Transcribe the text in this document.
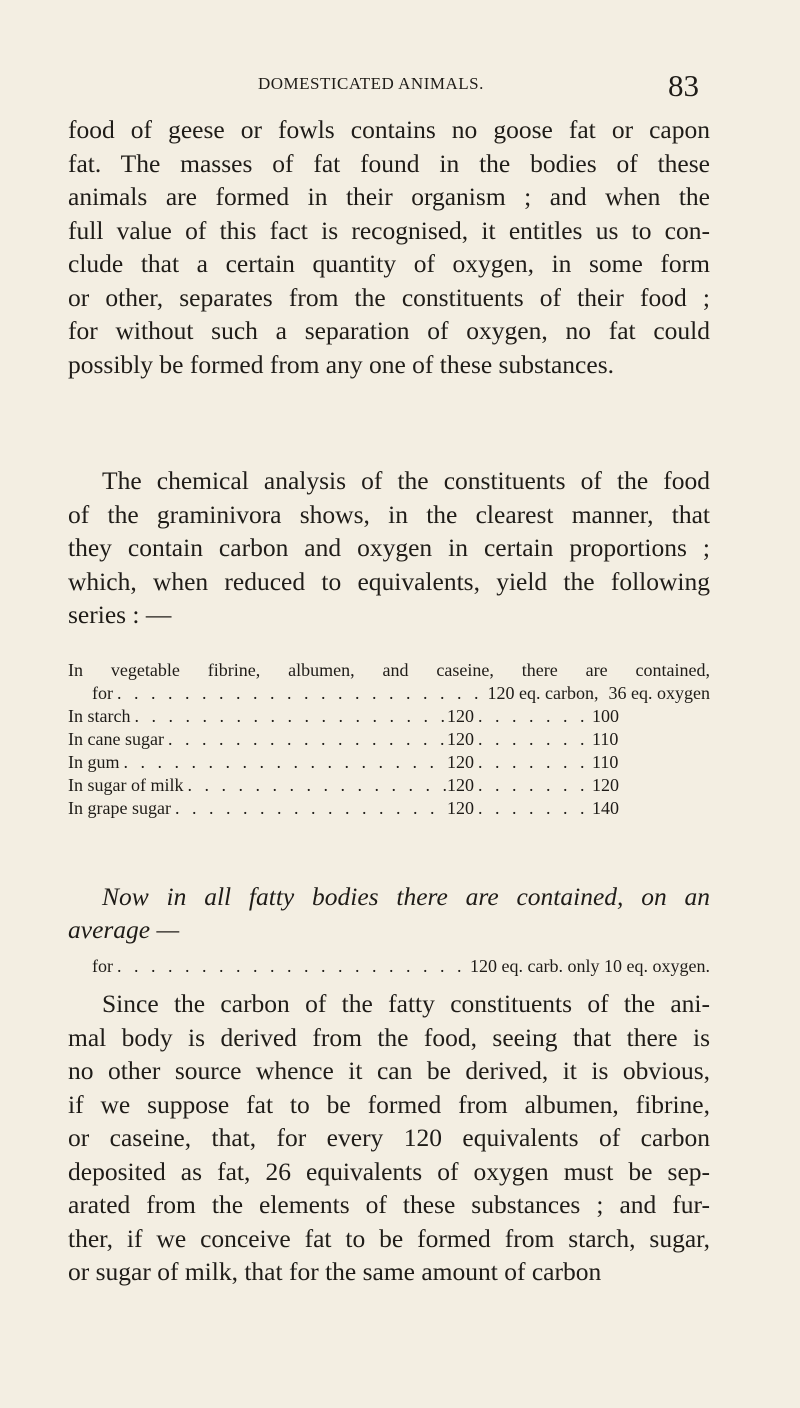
DOMESTICATED ANIMALS.	83
food of geese or fowls contains no goose fat or capon
fat. The masses of fat found in the bodies of these
animals are formed in their organism ; and when the
full value of this fact is recognised, it entitles us to con-
clude that a certain quantity of oxygen, in some form
or other, separates from the constituents of their food ;
for without such a separation of oxygen, no fat could
possibly be formed from any one of these substances.
The chemical analysis of the constituents of the food
of the graminivora shows, in the clearest manner, that
they contain carbon and oxygen in certain proportions ;
which, when reduced to equivalents, yield the following
series : —
In vegetable fibrine, albumen, and caseine, there are contained,
for . . .	120 eq. carbon, 36 eq. oxygen
In starch . . .	120 . . .	100
In cane sugar . . .	120 . . .	110
In gum . . .	120 . . .	110
In sugar of milk . . .	120 . . .	120
In grape sugar . . .	120 . . .	140
Now in all fatty bodies there are contained, on an
average —
for . . .	120 eq. carb. only 10 eq. oxygen.
Since the carbon of the fatty constituents of the ani-
mal body is derived from the food, seeing that there is
no other source whence it can be derived, it is obvious,
if we suppose fat to be formed from albumen, fibrine,
or caseine, that, for every 120 equivalents of carbon
deposited as fat, 26 equivalents of oxygen must be sep-
arated from the elements of these substances ; and fur-
ther, if we conceive fat to be formed from starch, sugar,
or sugar of milk, that for the same amount of carbon
